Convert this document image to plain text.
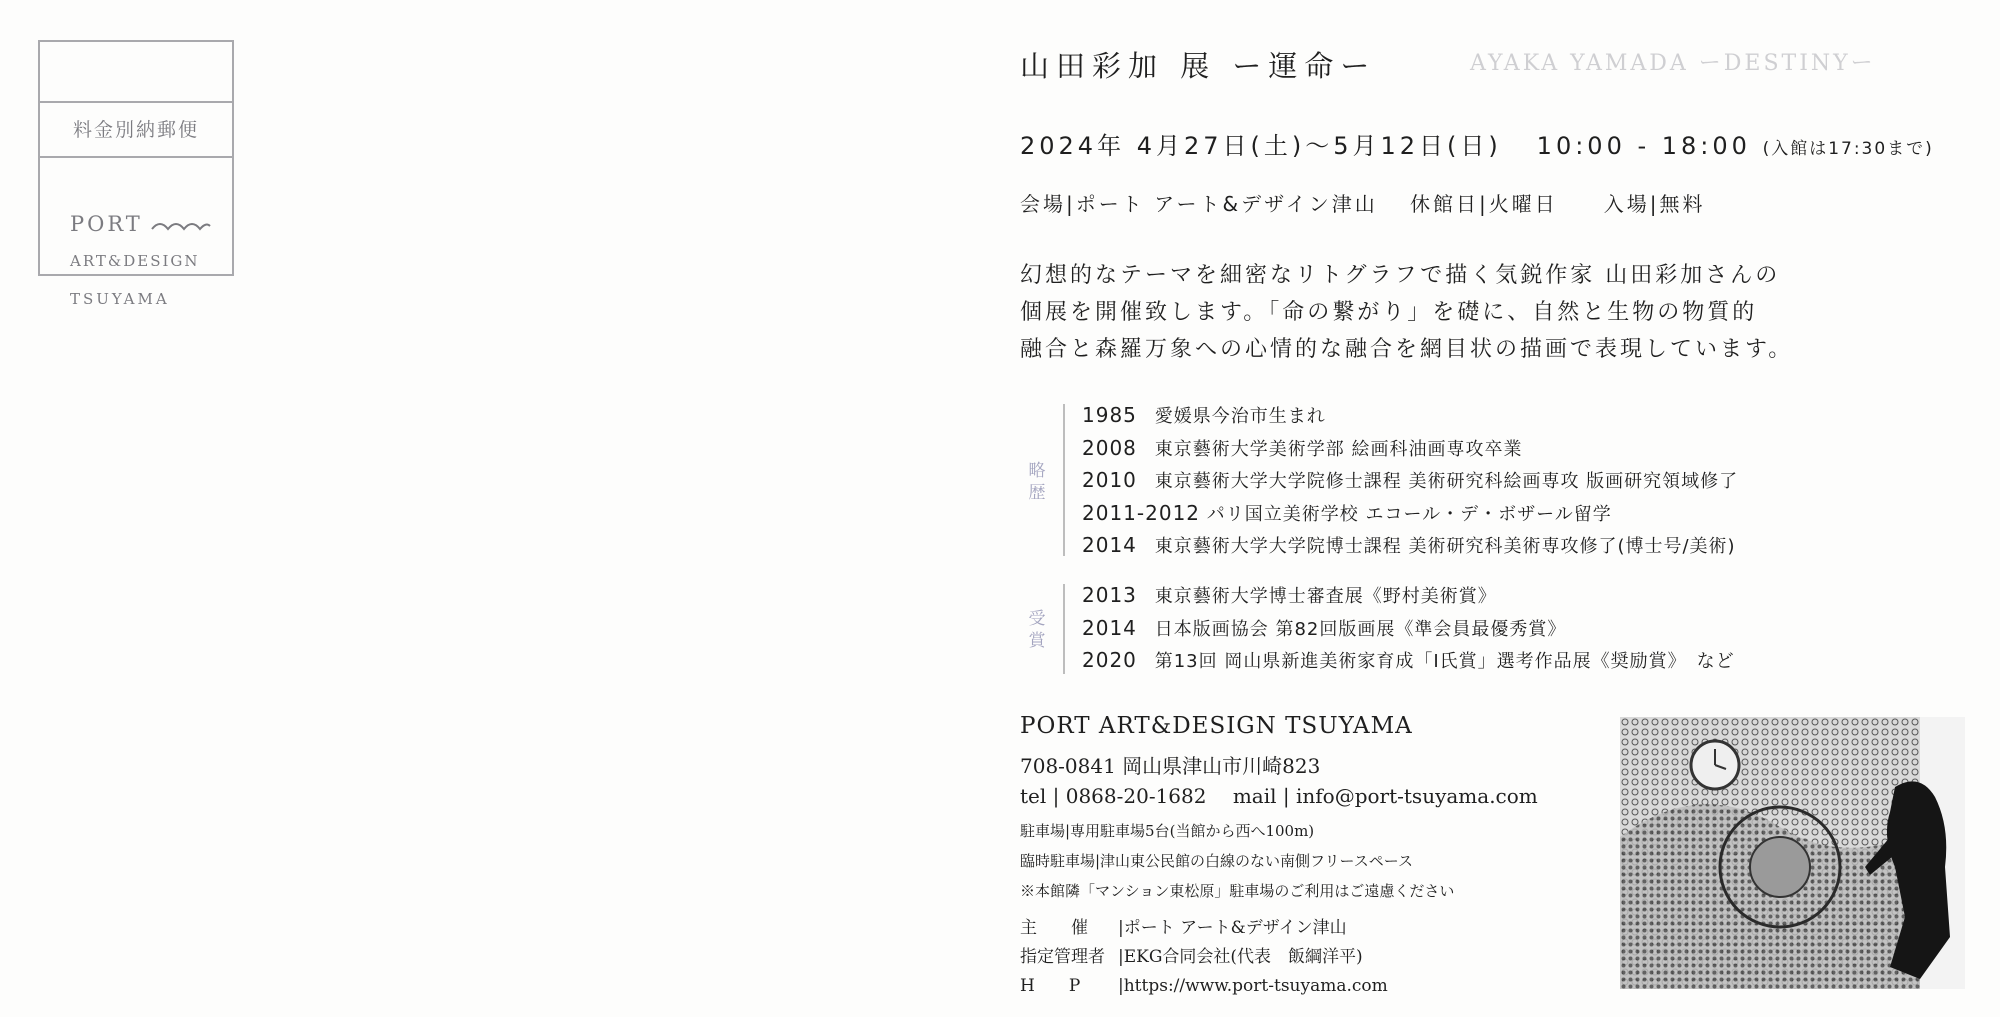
料金別納郵便
PORT
ART&DESIGN
TSUYAMA
山田彩加 展 ー運命ー	AYAKA YAMADA ーDESTINYー
2024年 4月27日(土)〜5月12日(日) 10:00 - 18:00 (入館は17:30まで)
会場|ポート アート&デザイン津山　 休館日|火曜日　　入場|無料
幻想的なテーマを細密なリトグラフで描く気鋭作家 山田彩加さんの
個展を開催致します。「命の繋がり」を礎に、自然と生物の物質的
融合と森羅万象への心情的な融合を網目状の描画で表現しています。
略歴
1985 愛媛県今治市生まれ
2008 東京藝術大学美術学部 絵画科油画専攻卒業
2010 東京藝術大学大学院修士課程 美術研究科絵画専攻 版画研究領域修了
2011-2012 パリ国立美術学校 エコール・デ・ボザール留学
2014 東京藝術大学大学院博士課程 美術研究科美術専攻修了(博士号/美術)
受賞
2013 東京藝術大学博士審査展《野村美術賞》
2014 日本版画協会 第82回版画展《準会員最優秀賞》
2020 第13回 岡山県新進美術家育成「I氏賞」選考作品展《奨励賞》　など
PORT ART&DESIGN TSUYAMA
708-0841 岡山県津山市川崎823
tel | 0868-20-1682　 mail | info@port-tsuyama.com
駐車場|専用駐車場5台(当館から西へ100m)
臨時駐車場|津山東公民館の白線のない南側フリースペース
※本館隣「マンション東松原」駐車場のご利用はご遠慮ください
主　　催 |ポート アート&デザイン津山
指定管理者 |EKG合同会社(代表　飯綱洋平)
H　　P |https://www.port-tsuyama.com
